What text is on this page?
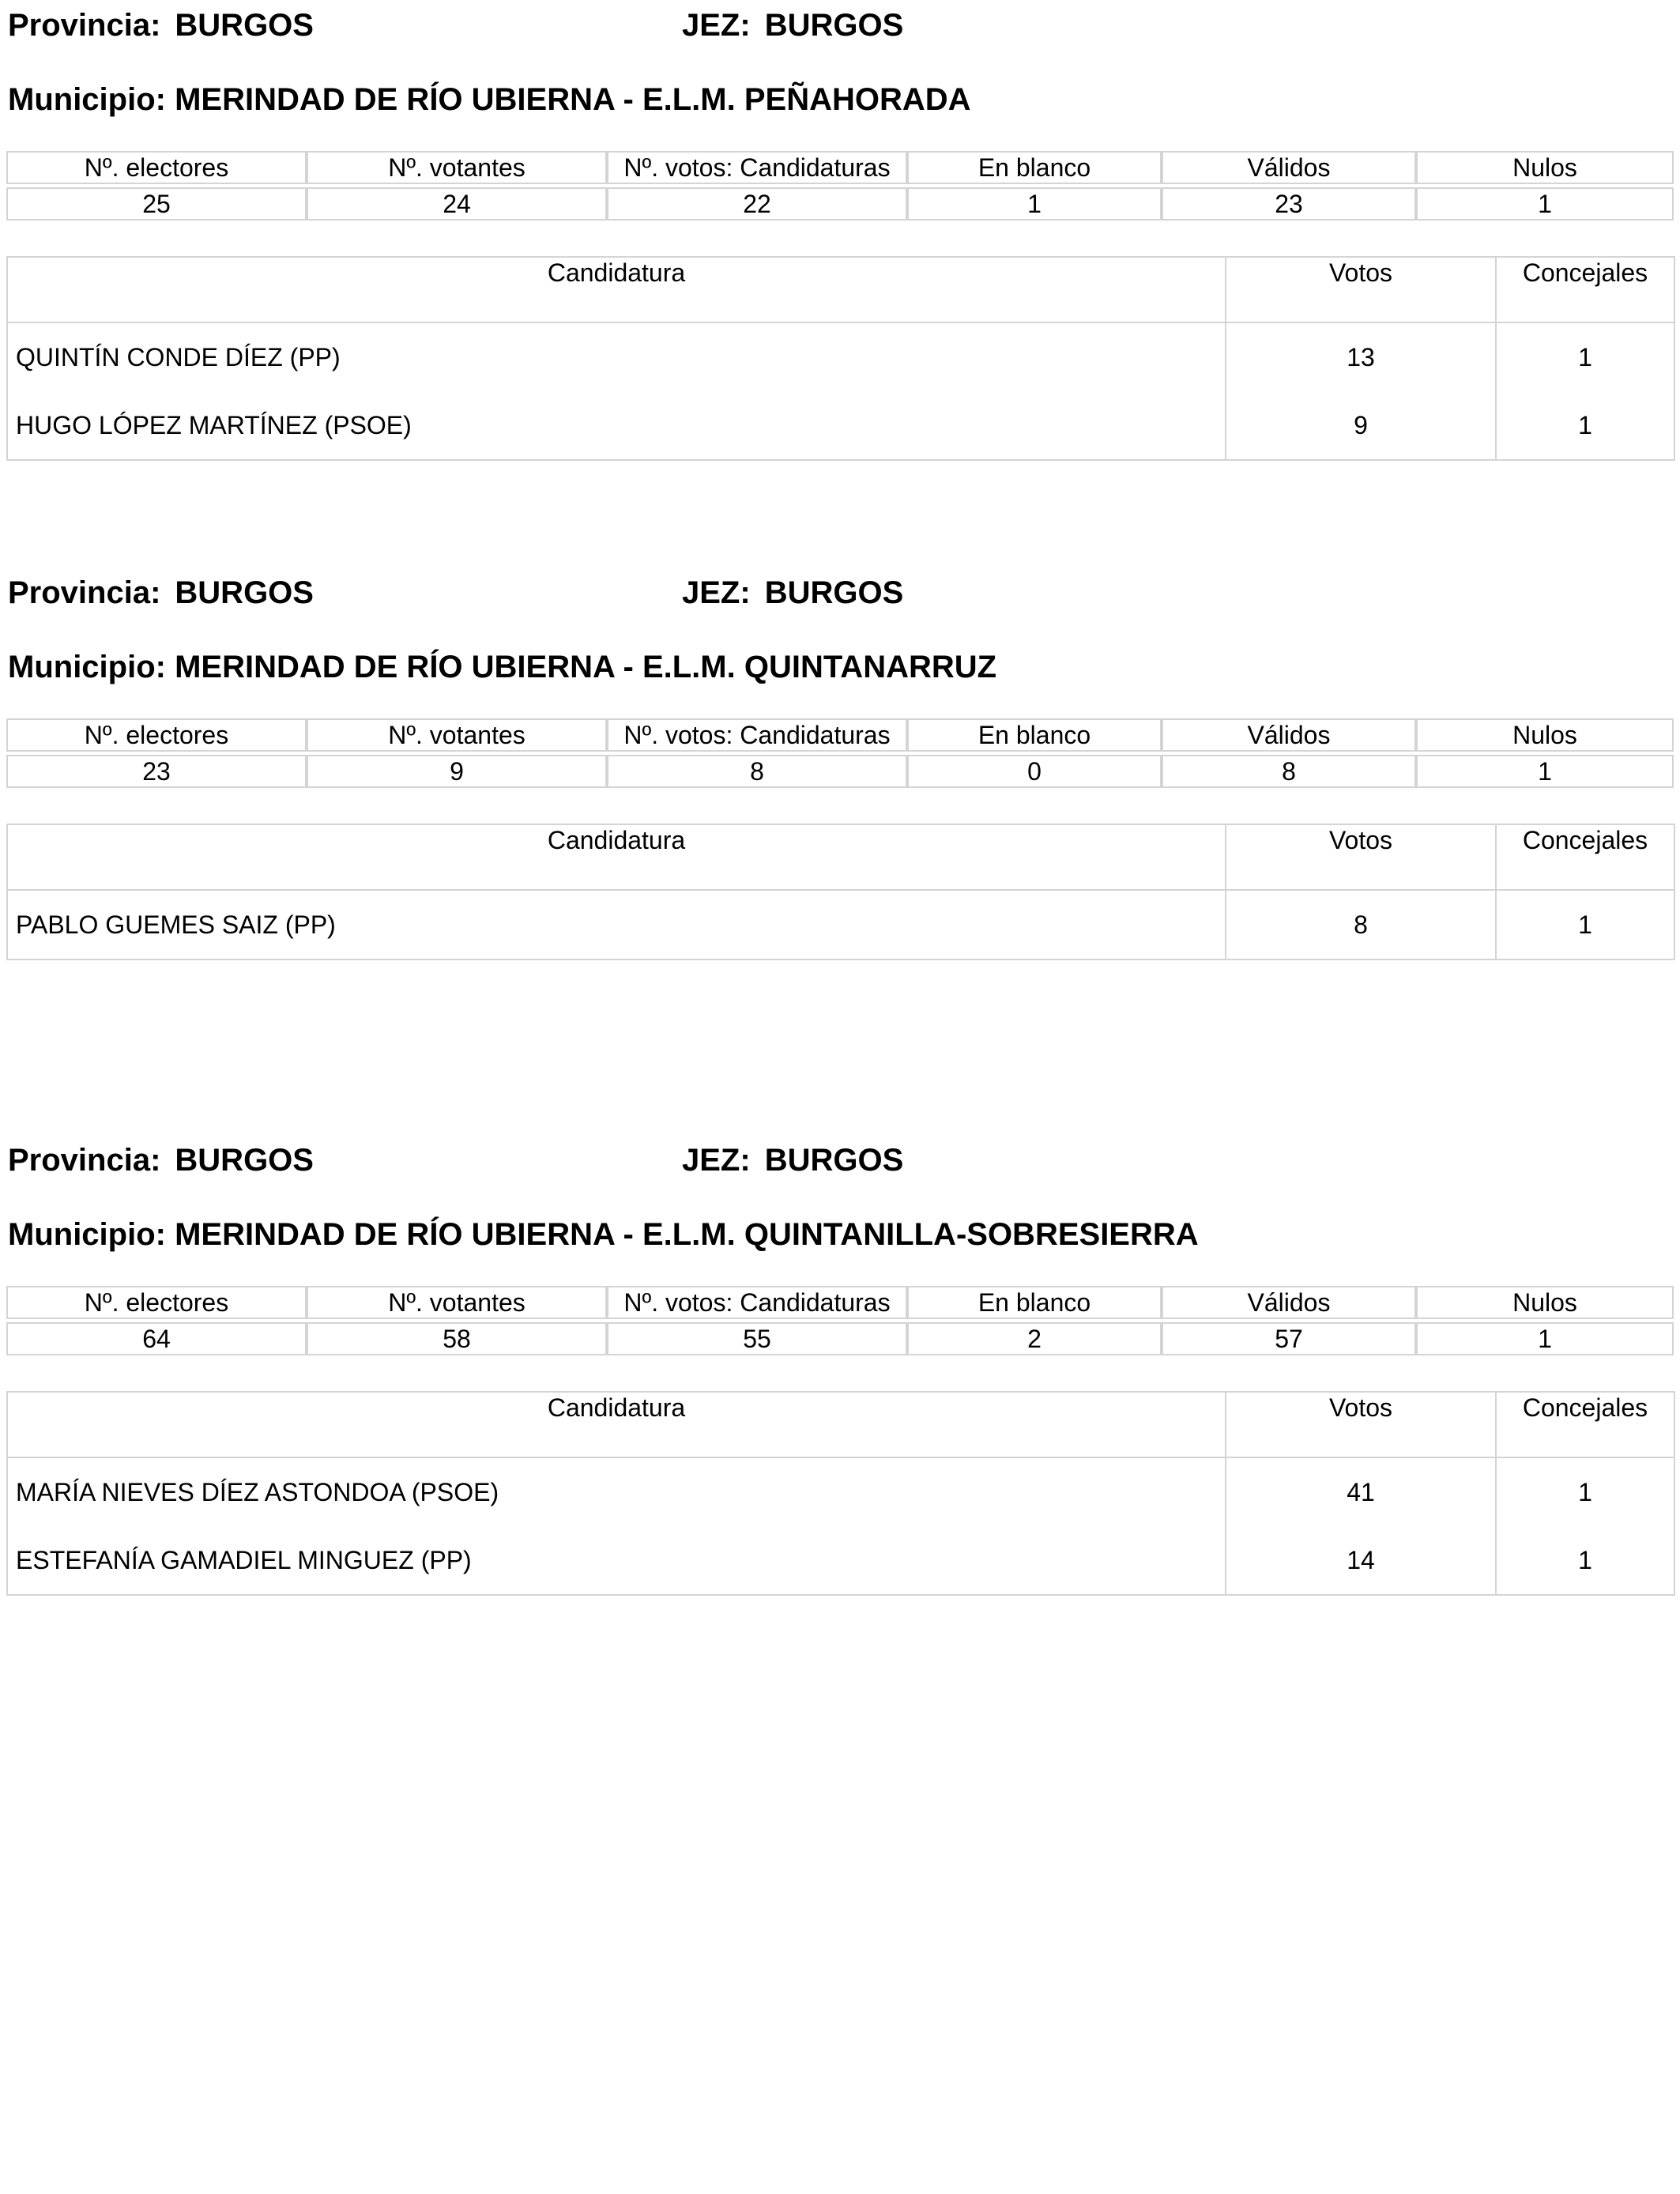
Provincia: BURGOS	JEZ: BURGOS
Municipio: MERINDAD DE RÍO UBIERNA - E.L.M. PEÑAHORADA
Nº. electores	Nº. votantes	Nº. votos: Candidaturas	En blanco	Válidos	Nulos

25	24	22	1	23	1
Candidatura	Votos	Concejales
QUINTÍN CONDE DÍEZ (PP)	13	1
HUGO LÓPEZ MARTÍNEZ (PSOE)	9	1
Provincia: BURGOS	JEZ: BURGOS
Municipio: MERINDAD DE RÍO UBIERNA - E.L.M. QUINTANARRUZ
Nº. electores	Nº. votantes	Nº. votos: Candidaturas	En blanco	Válidos	Nulos

23	9	8	0	8	1
Candidatura	Votos	Concejales
PABLO GUEMES SAIZ (PP)	8	1
Provincia: BURGOS	JEZ: BURGOS
Municipio: MERINDAD DE RÍO UBIERNA - E.L.M. QUINTANILLA-SOBRESIERRA
Nº. electores	Nº. votantes	Nº. votos: Candidaturas	En blanco	Válidos	Nulos

64	58	55	2	57	1
Candidatura	Votos	Concejales
MARÍA NIEVES DÍEZ ASTONDOA (PSOE)	41	1
ESTEFANÍA GAMADIEL MINGUEZ (PP)	14	1
